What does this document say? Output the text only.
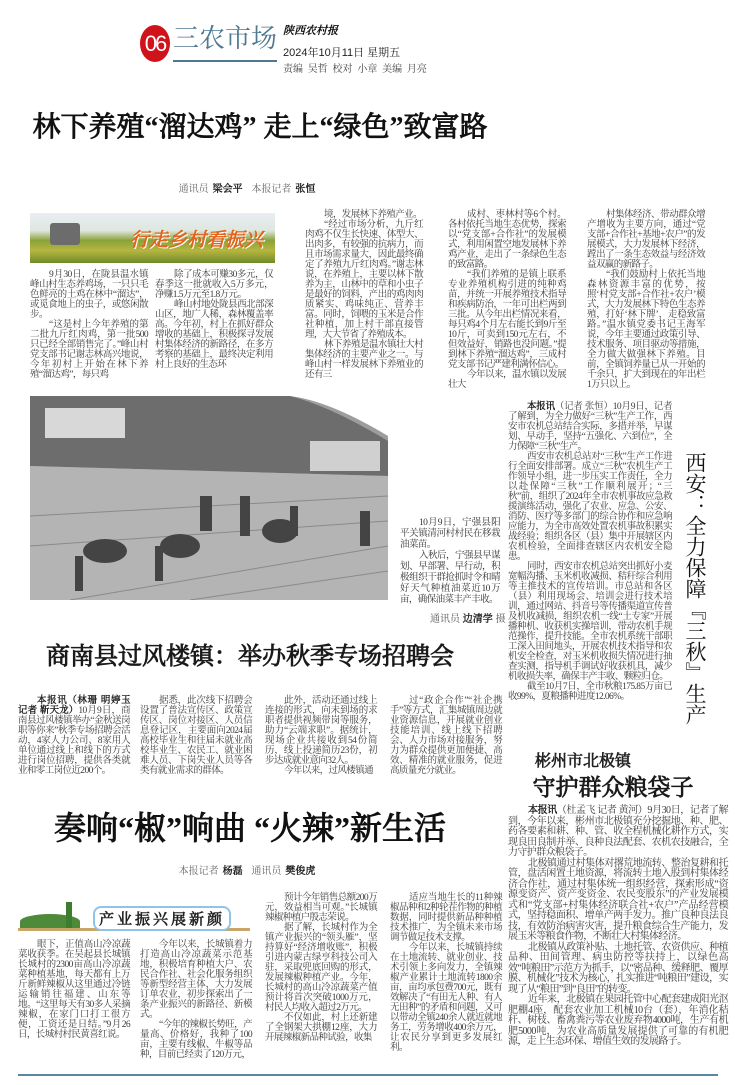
06 三农市场 陕西农村报
2024年10月11日 星期五
责编 吴哲 校对 小章 美编 月亮
林下养殖“溜达鸡” 走上“绿色”致富路
通讯员 梁会平 本报记者 张恒
行走乡村看振兴

9月30日，在陇县温水镇峰山村生态养鸡场，一只只毛色鲜亮的土鸡在林中“溜达”，或觅食地上的虫子，或悠闲散步。

“这是村上今年养殖的第二批九斤红肉鸡，第一批500只已经全部销售完了。”峰山村党支部书记谢志林高兴地说，今年初村上开始在林下养殖“溜达鸡”，每只鸡

除了成本可赚30多元，仅春季这一批就收入5万多元，净赚1.5万元至1.8万元。

峰山村地处陇县西北部深山区，地广人稀，森林覆盖率高。今年初，村上在抓好群众增收的基础上，积极探寻发展村集体经济的新路径，在多方考察的基础上，最终决定利用村上良好的生态环

境，发展林下养殖产业。

“经过市场分析，九斤红肉鸡不仅生长快速、体型大、出肉多，有较强的抗病力，而且市场需求量大，因此最终确定了养殖九斤红肉鸡。”谢志林说，在养殖上，主要以林下散养为主，山林中的草和小虫子是最好的饲料，产出的鸡肉肉质紧实、鸡味纯正、营养丰富。同时，饲喂的玉米是合作社种植，加上村干部直接管理，大大节省了养殖成本。

林下养殖是温水镇壮大村集体经济的主要产业之一。与峰山村一样发展林下养殖业的还有三

成村、枣林村等6个村。各村依托当地生态优势，探索以“党支部+合作社”的发展模式，利用闲置空地发展林下养鸡产业，走出了一条绿色生态的致富路。

“我们养殖的是镇上联系专业养殖机构引进的纯种鸡苗，并统一开展养殖技术指导和疾病防治，一年可出栏两到三批。从今年出栏情况来看，每只鸡4个月左右能长到9斤至10斤，可卖到150元左右，不但效益好，销路也没问题。”提到林下养殖“溜达鸡”，三成村党支部书记严建利满怀信心。

今年以来，温水镇以发展壮大

村集体经济、带动群众增产增收为主要方向，通过“党支部+合作社+基地+农户”的发展模式，大力发展林下经济，蹚出了一条生态效益与经济效益双赢的新路子。

“我们鼓励村上依托当地森林资源丰富的优势，按照‘村党支部+合作社+农户’模式，大力发展林下特色生态养殖，打好‘林下牌’，走稳致富路。”温水镇党委书记王海军说，今年主要通过政策引导、技术服务、项目驱动等措施，全力做大做强林下养殖。目前，全镇饲养量已从一开始的千余只，扩大到现在的年出栏1万只以上。

10月9日，宁强县阳平关镇清河村村民在移栽油菜苗。

入秋后，宁强县早谋划、早部署、早行动，积极组织干群抢抓时令和晴好天气种植油菜近10万亩，确保油菜丰产丰收。

通讯员 边清学 摄

本报讯（记者 张恒）10月9日，记者了解到，为全力做好“三秋”生产工作，西安市农机总站结合实际，多措并举，早谋划、早动手，坚持“五强化、六到位”，全力保障“三秋”生产。

西安市农机总站对“三秋”生产工作进行全面安排部署。成立“三秋”农机生产工作领导小组，进一步压实工作责任，全力以赴保障“三秋”工作顺利展开；“三秋”前，组织了2024年全市农机事故应急救援演练活动，强化了农业、应急、公安、消防、医疗等多部门的综合协作和应急响应能力，为全市高效处置农机事故积累实战经验；组织各区（县）集中开展辖区内农机检验，全面排查辖区内农机安全隐患。

同时，西安市农机总站突出抓好小麦宽幅沟播、玉米机收减损、秸秆综合利用等主推技术的宣传培训。市总站和各区（县）利用现场会、培训会进行技术培训，通过网站、抖音号等传播渠道宣传普及机收减损，组织农机一线“土专家”开展播种机、收获机实操培训，带动农机手规范操作，提升技能。全市农机系统干部职工深入田间地头，开展农机技术指导和农机安全检查，对玉米机收损失情况进行抽查实测，指导机手调试好收获机具，减少机收损失率，确保丰产丰收、颗粒归仓。

截至10月7日，全市秋粮175.85万亩已收99%，夏粮播种进度12.06%。	西安：全力保障『三秋』生产
商南县过风楼镇：举办秋季专场招聘会

本报讯（林珊 明婷玉 记者 靳天龙）10月9日，商南县过风楼镇举办“金秋送岗 职等你来”秋季专场招聘会活动，4家人力公司、8家用人单位通过线上和线下的方式进行岗位招聘，提供各类就业和零工岗位近200个。

据悉，此次线下招聘会设置了普法宣传区、政策宣传区、岗位对接区、人员信息登记区，主要面向2024届高校毕业生和往届未就业高校毕业生、农民工、就业困难人员、下岗失业人员等各类有就业需求的群体。

此外，活动还通过线上连接的形式，向未到场的求职者提供视频带岗等服务，助力“云端求职”。据统计，现场企业共接收到54份简历，线上投递简历23份，初步达成就业意向32人。

今年以来，过风楼镇通

过“政企合作”“社企携手”等方式，汇集城镇周边就业资源信息，开展就业创业技能培训、线上线下招聘会、人力市场对接服务，努力为群众提供更加便捷、高效、精准的就业服务，促进高质量充分就业。

彬州市北极镇
守护群众粮袋子

本报讯（杜孟飞 记者 黄河）9月30日，记者了解到，今年以来，彬州市北极镇充分挖掘地、种、肥、药各要素和耕、种、管、收全程机械化耕作方式，实现良田良制并举、良种良法配套、农机农技融合，全力守护群众粮袋子。

北极镇通过村集体对撂荒地流转、整治复耕和托管，盘活闲置土地资源，将流转土地入股到村集体经济合作社，通过村集体统一组织经营，探索形成“资源变资产、资产变资金、农民变股东”的产业发展模式和“党支部+村集体经济联合社+农户”产品经营模式，坚持稳面积、增单产两手发力。推广良种良法良技，有效防治病害灾害，提升粮食综合生产能力，发展玉米等粮食作物，不断壮大村集体经济。

北极镇从政策补贴、土地托管、农资供应、种植品种、田间管理、病虫防控等扶持上，以绿色高效“吨粮田”示范方为抓手，以“密品种、缓释肥、覆厚膜、机械化”技术为核心，扎实推进“吨粮田”建设，实现了从“粮田”到“良田”的转变。

近年来，北极镇在果园托管中心配套建成阳光沤肥棚4座，配套农业加工机械10台（套），年消化秸秆、树枝、畜禽粪污等农业废弃物4000吨，生产有机肥5000吨，为农业高质量发展提供了可靠的有机肥源，走上生态环保、增值生效的发展路子。

奏响“椒”响曲 “火辣”新生活
本报记者 杨磊 通讯员 樊俊虎
产业振兴展新颜

眼下，正值高山冷凉蔬菜收获季。在吴起县长城镇长城村的2300亩高山冷凉蔬菜种植基地，每天都有上万斤新鲜辣椒从这里通过冷链运输销往福建、山东等地。“这里每天有30多人采摘辣椒，在家门口打工很方便，工资还是日结。”9月26日，长城村村民黄喜红说。

今年以来，长城镇着力打造高山冷凉蔬菜示范基地，积极培育种植大户、农民合作社、社会化服务组织等新型经营主体，大力发展订单农业，初步探索出了一条产业振兴的新路径、新模式。

“今年的辣椒长势旺，产量高、价格好，我种了100亩，主要有线椒、牛椒等品种，目前已经卖了120万元，

预计今年销售总额200万元，效益相当可观。”长城镇辣椒种植户殷志荣说。

据了解，长城村作为全镇产业振兴的“领头雁”，坚持算好“经济增收账”，积极引进内蒙古绿亨科技公司入驻，采取兜底回购的形式，发展辣椒种植产业。今年，长城村的高山冷凉蔬菜产值预计将首次突破1000万元，村民人均收入超过2万元。

不仅如此，村上还新建了全钢架大拱棚12座，大力开展辣椒新品种试验，收集

适应当地生长的11种辣椒品种和2种轮茬作物的种植数据，同时提供新品种种植技术推广，为全镇未来市场调节做足技术支撑。

今年以来，长城镇持续在土地流转、就业创业、技术引领上多向发力，全镇辣椒产业累计土地流转1800余亩，亩均承包费700元，既有效解决了“有田无人种、有人无田种”的矛盾和问题，又可以带动全镇240余人就近就地务工，劳务增收400余万元，让农民分享到更多发展红利。
